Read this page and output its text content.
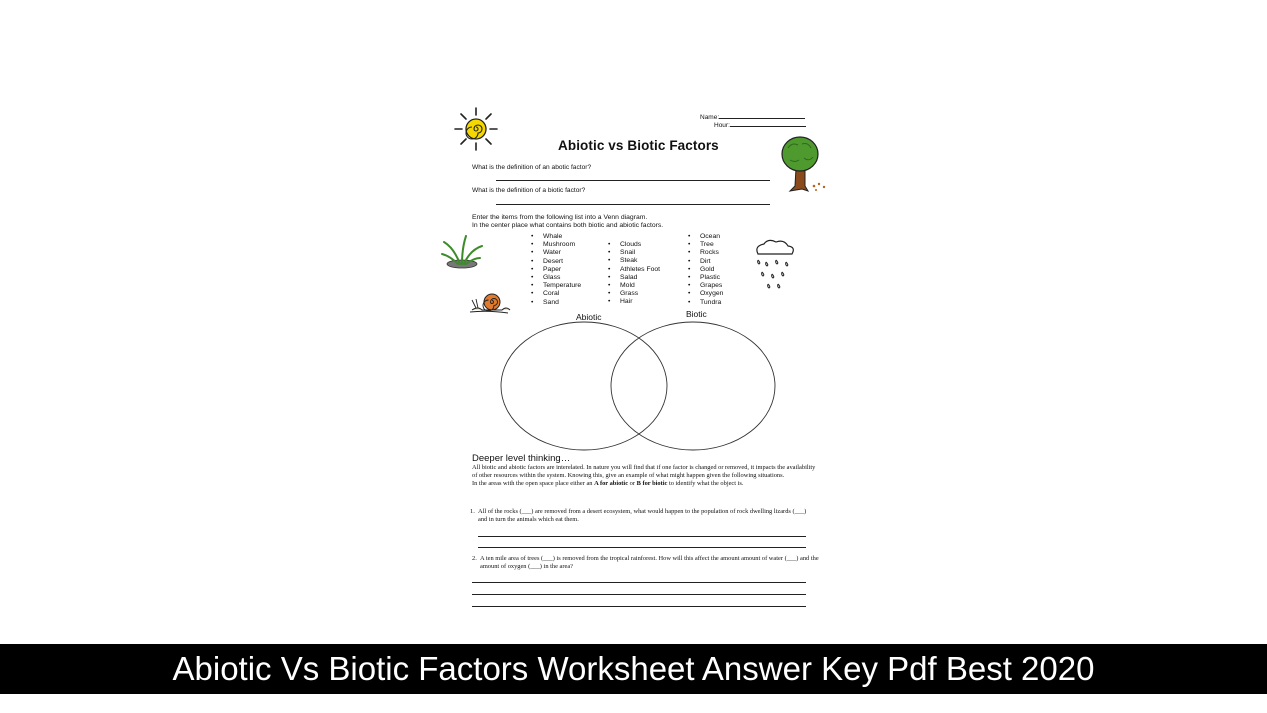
Name:
Hour:
Abiotic vs Biotic Factors
What is the definition of an abotic factor?
What is the definition of a biotic factor?
Enter the items from the following list into a Venn diagram.
In the center place what contains both biotic and abiotic factors.
• Whale
• Mushroom
• Water
• Desert
• Paper
• Glass
• Temperature
• Coral
• Sand
• Clouds
• Snail
• Steak
• Athletes Foot
• Salad
• Mold
• Grass
• Hair
• Ocean
• Tree
• Rocks
• Dirt
• Gold
• Plastic
• Grapes
• Oxygen
• Tundra
Abiotic	Biotic
Deeper level thinking…
All biotic and abiotic factors are interelated. In nature you will find that if one factor is changed or removed, it impacts the availability of other resources within the system. Knowing this, give an example of what might happen given the following situations.
In the areas with the open space place either an A for abiotic or B for biotic to identify what the object is.
1. All of the rocks (___) are removed from a desert ecosystem, what would happen to the population of rock dwelling lizards (___) and in turn the animals which eat them.
2. A ten mile area of trees (___) is removed from the tropical rainforest. How will this affect the amount amount of water (___) and the amount of oxygen (___) in the area?
Abiotic Vs Biotic Factors Worksheet Answer Key Pdf Best 2020
